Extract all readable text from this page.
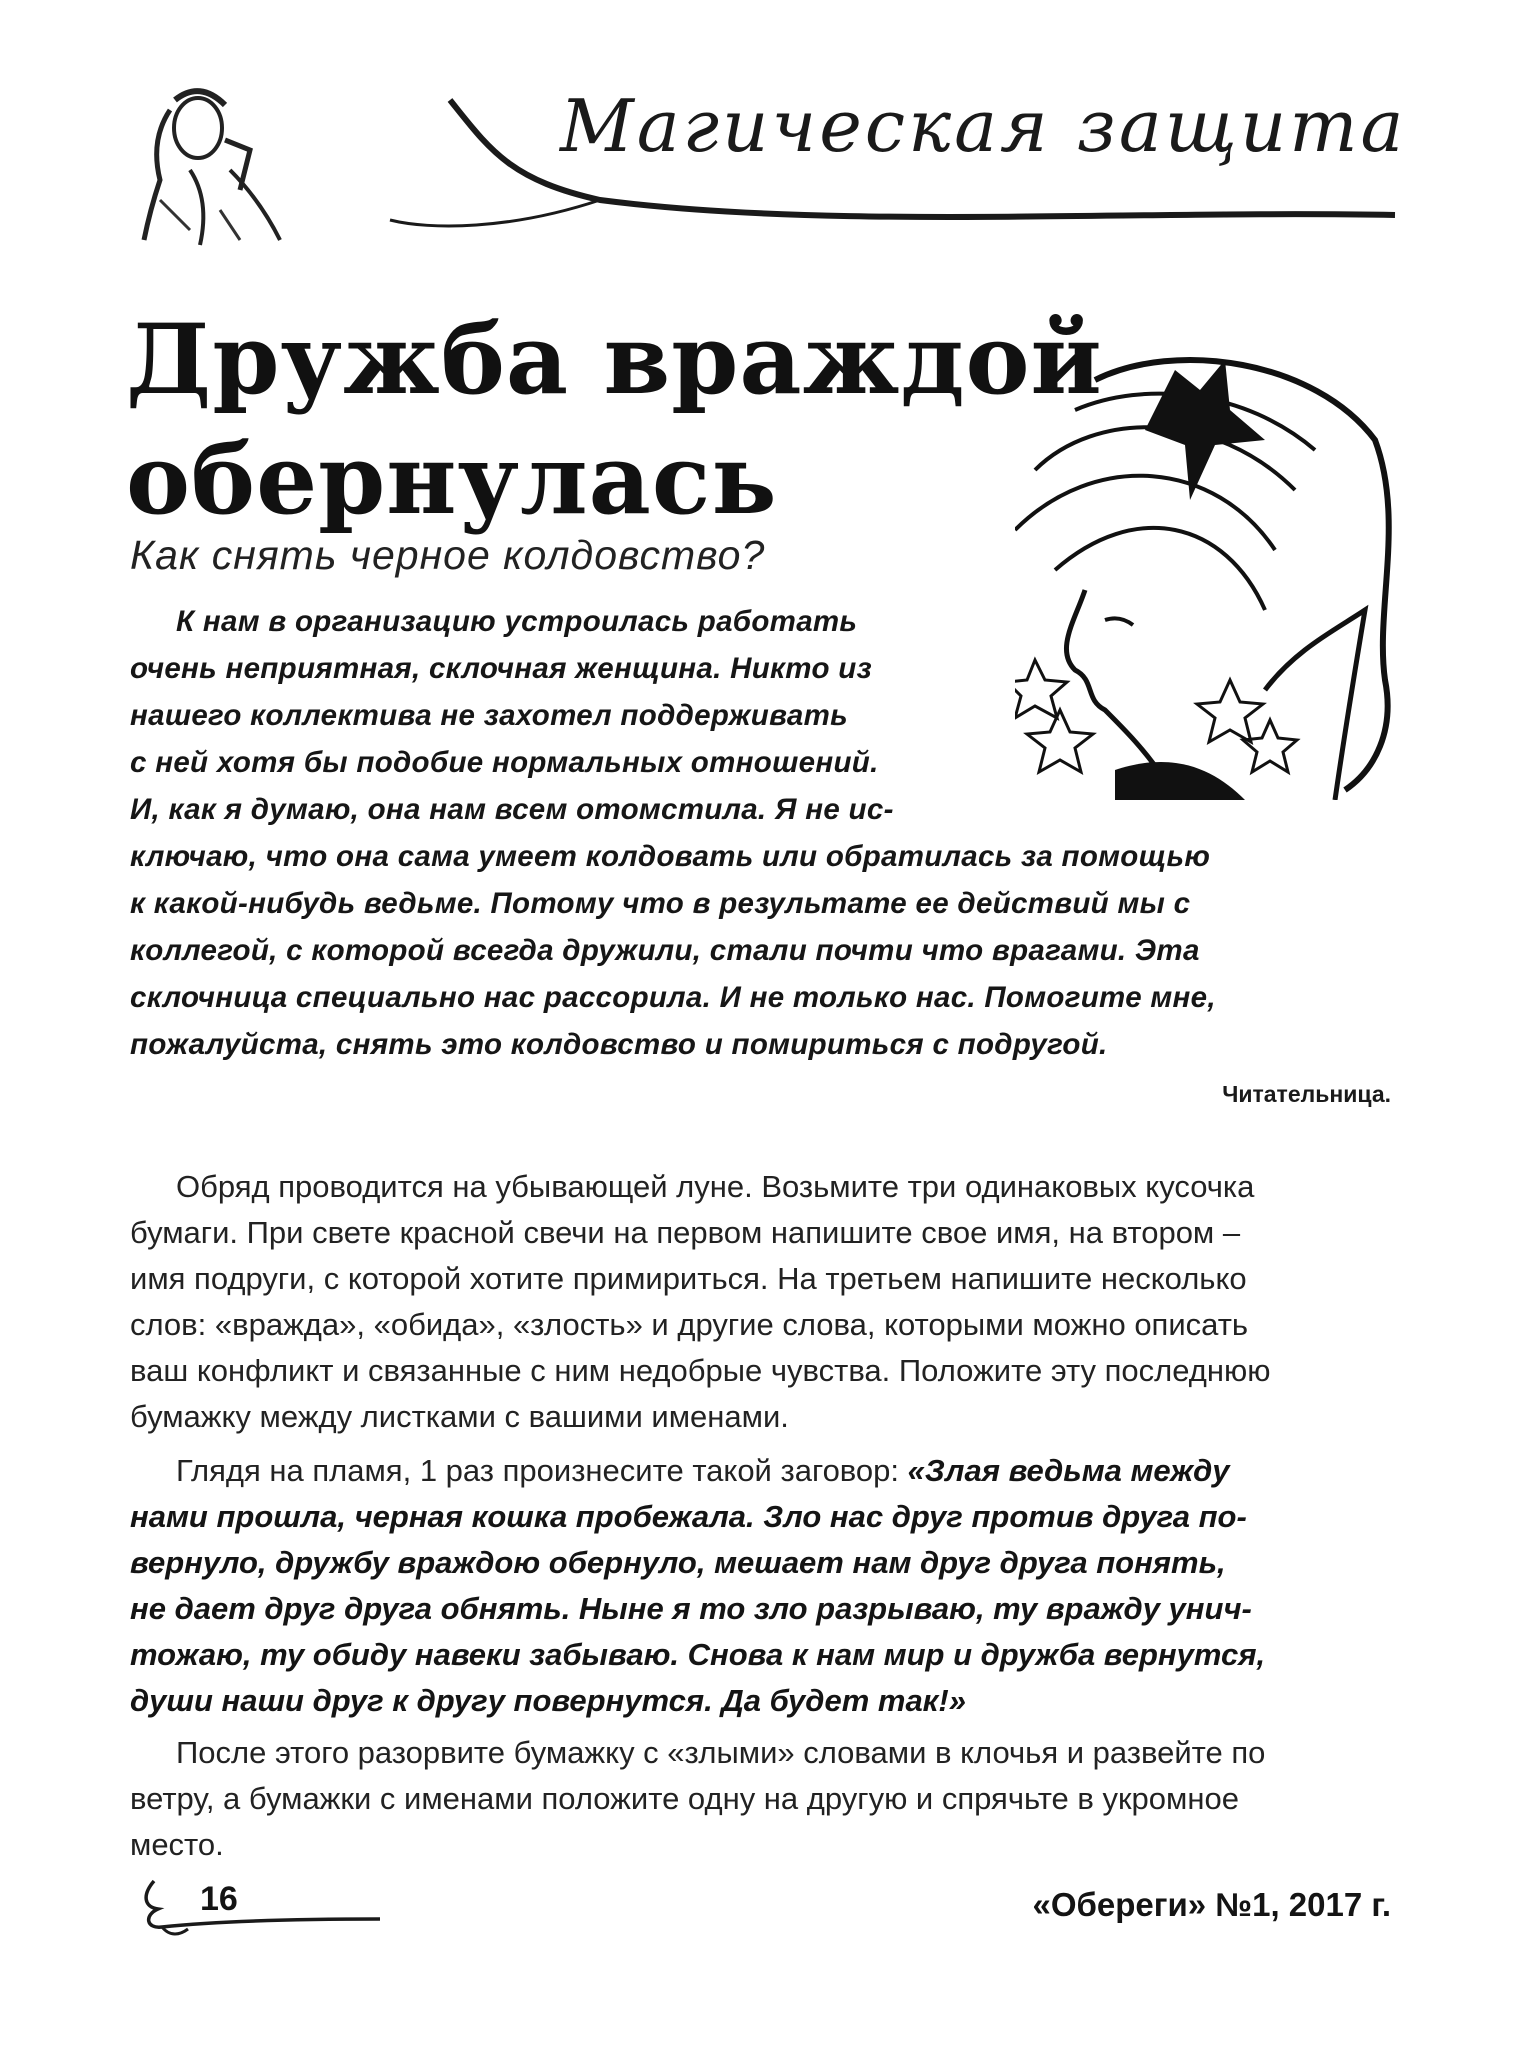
Магическая защита
Дружба враждой
обернулась
Как снять черное колдовство?
К нам в организацию устроилась работать
очень неприятная, склочная женщина. Никто из
нашего коллектива не захотел поддерживать
с ней хотя бы подобие нормальных отношений.
И, как я думаю, она нам всем отомстила. Я не ис-
ключаю, что она сама умеет колдовать или обратилась за помощью
к какой-нибудь ведьме. Потому что в результате ее действий мы с
коллегой, с которой всегда дружили, стали почти что врагами. Эта
склочница специально нас рассорила. И не только нас. Помогите мне,
пожалуйста, снять это колдовство и помириться с подругой.
Читательница.
Обряд проводится на убывающей луне. Возьмите три одинаковых кусочка
бумаги. При свете красной свечи на первом напишите свое имя, на втором –
имя подруги, с которой хотите примириться. На третьем напишите несколько
слов: «вражда», «обида», «злость» и другие слова, которыми можно описать
ваш конфликт и связанные с ним недобрые чувства. Положите эту последнюю
бумажку между листками с вашими именами.
Глядя на пламя, 1 раз произнесите такой заговор: «Злая ведьма между
нами прошла, черная кошка пробежала. Зло нас друг против друга по-
вернуло, дружбу враждою обернуло, мешает нам друг друга понять,
не дает друг друга обнять. Ныне я то зло разрываю, ту вражду унич-
тожаю, ту обиду навеки забываю. Снова к нам мир и дружба вернутся,
души наши друг к другу повернутся. Да будет так!»
После этого разорвите бумажку с «злыми» словами в клочья и развейте по
ветру, а бумажки с именами положите одну на другую и спрячьте в укромное
место.
16	«Обереги» №1, 2017 г.
